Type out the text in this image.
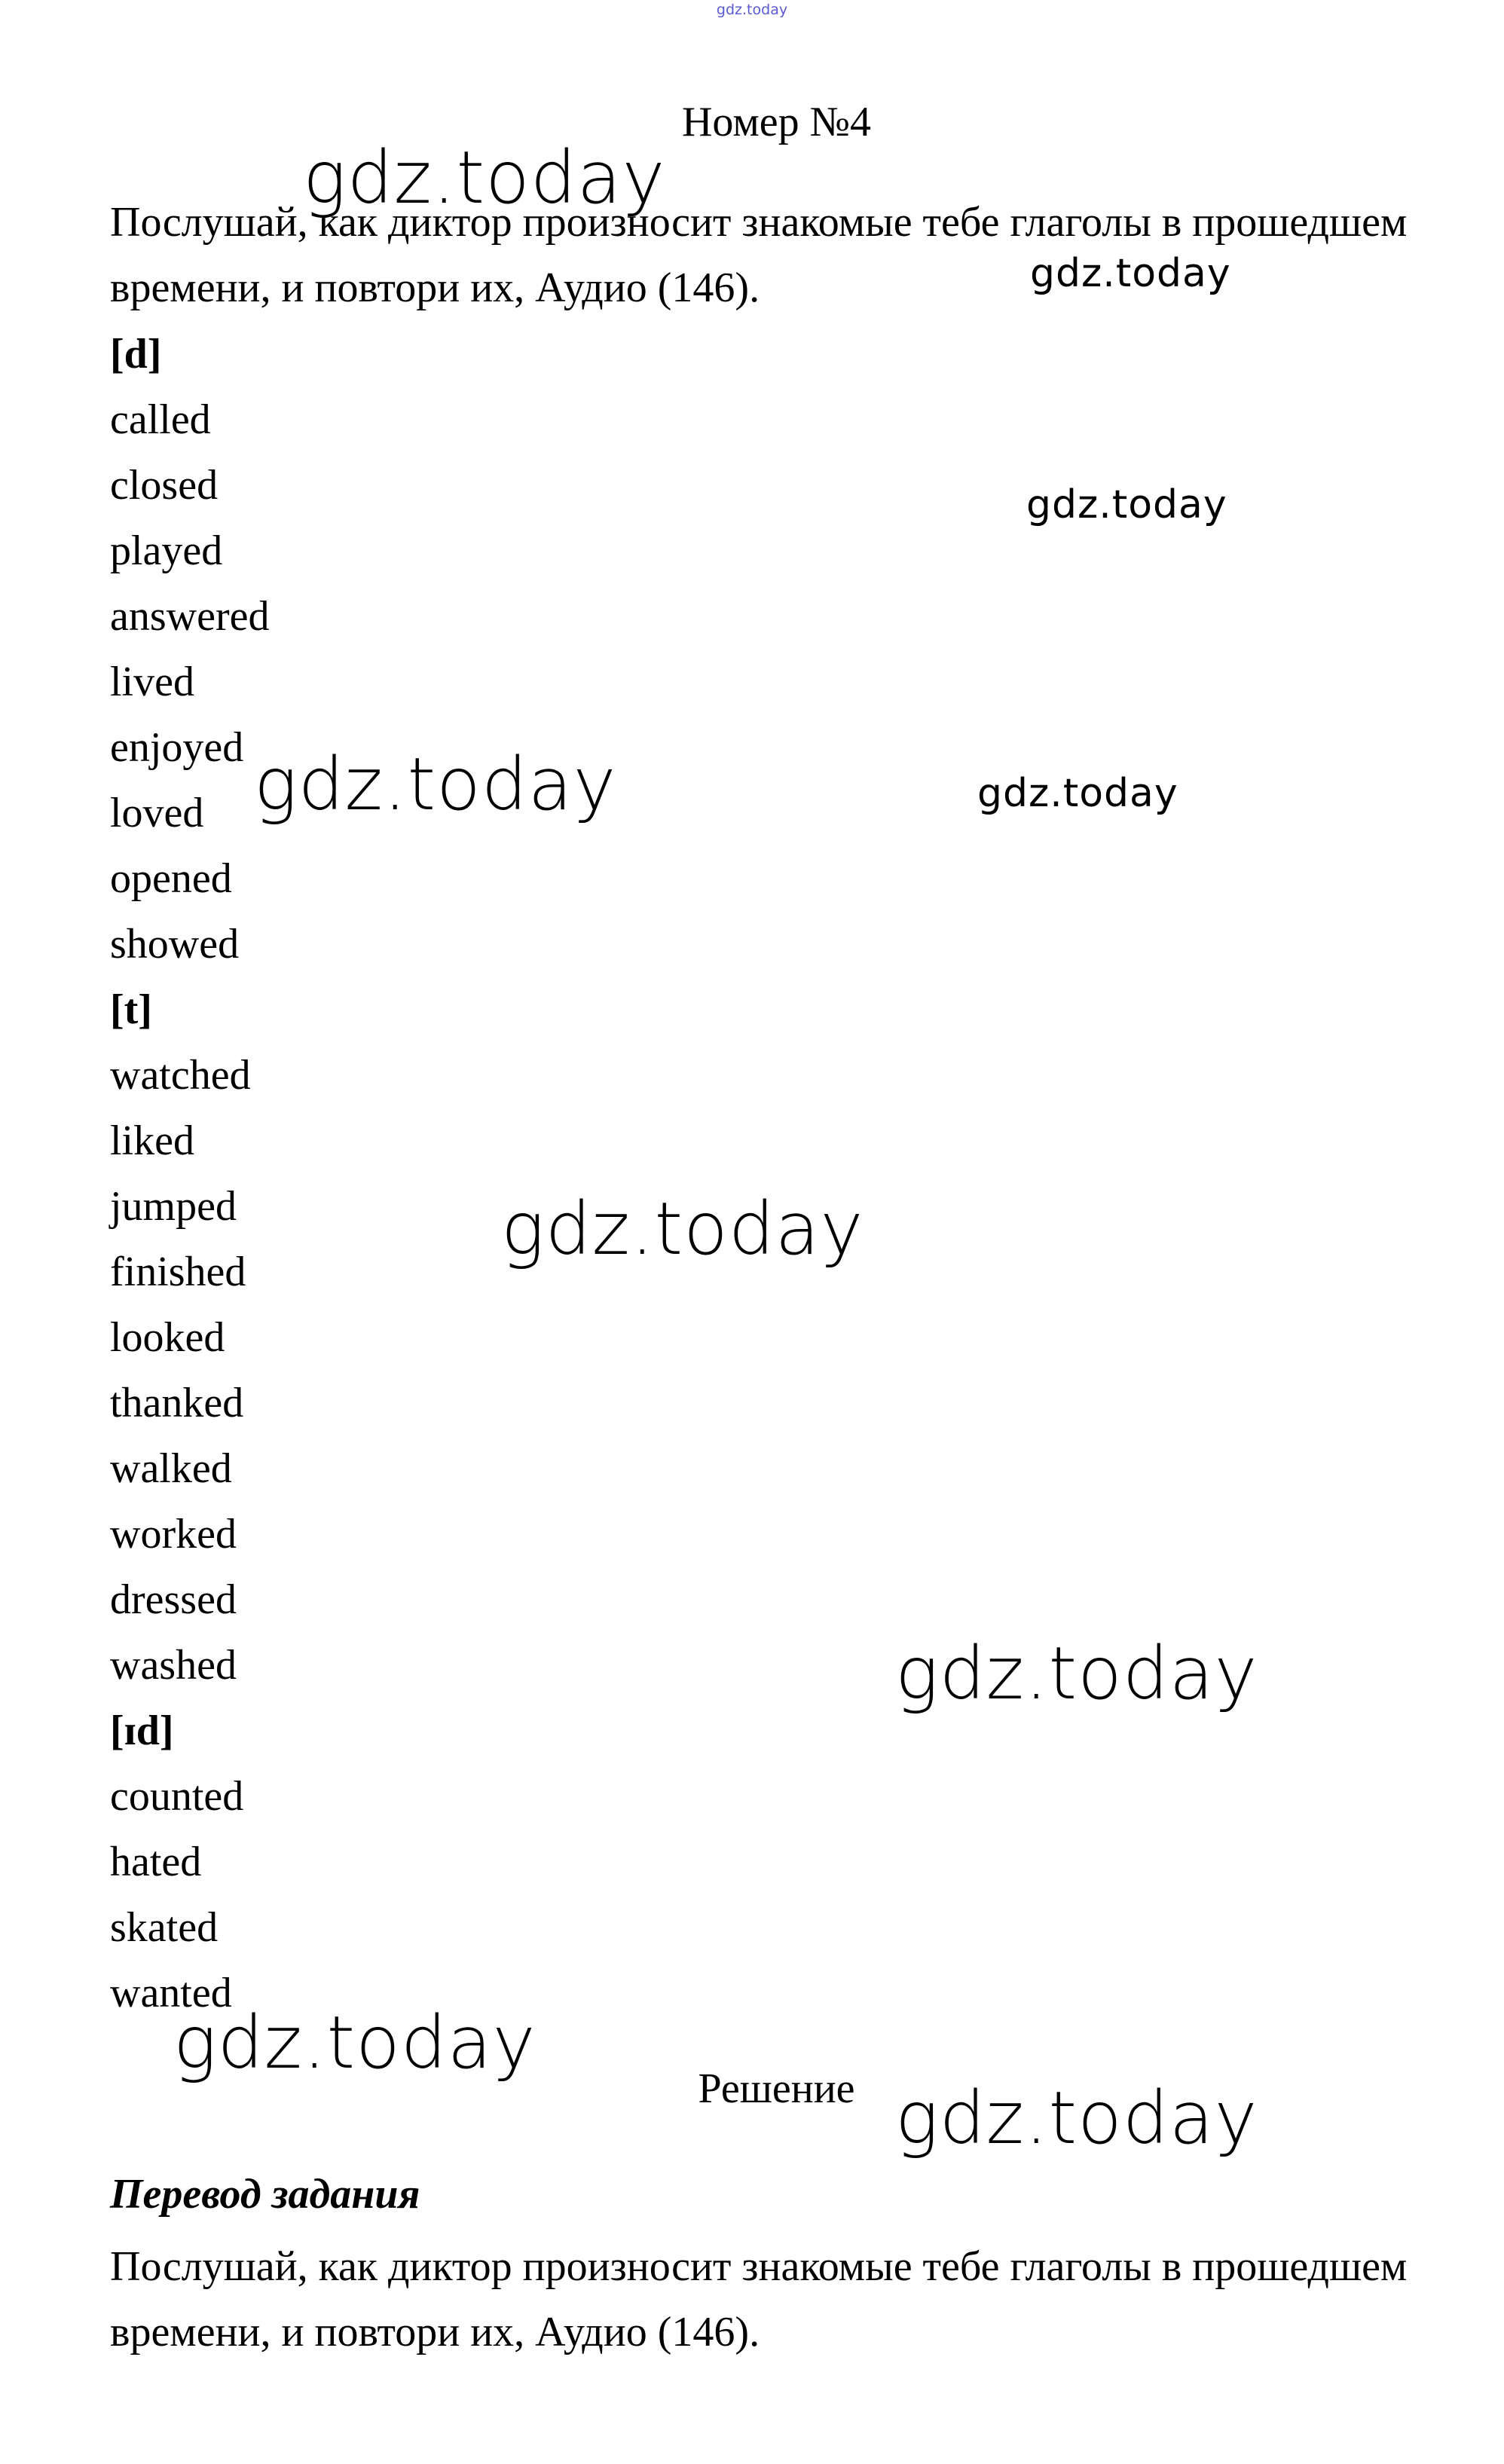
gdz.today
Номер №4

Послушай, как диктор произносит знакомые тебе глаголы в прошедшем времени, и повтори их, Аудио (146).

[d]
called
closed
played
answered
lived
enjoyed
loved
opened
showed
[t]
watched
liked
jumped
finished
looked
thanked
walked
worked
dressed
washed
[ɪd]
counted
hated
skated
wanted
Решение
Перевод задания

Послушай, как диктор произносит знакомые тебе глаголы в прошедшем времени, и повтори их, Аудио (146).

gdz.today
gdz.today
gdz.today
gdz.today	gdz.today
gdz.today
gdz.today
gdz.today
gdz.today
